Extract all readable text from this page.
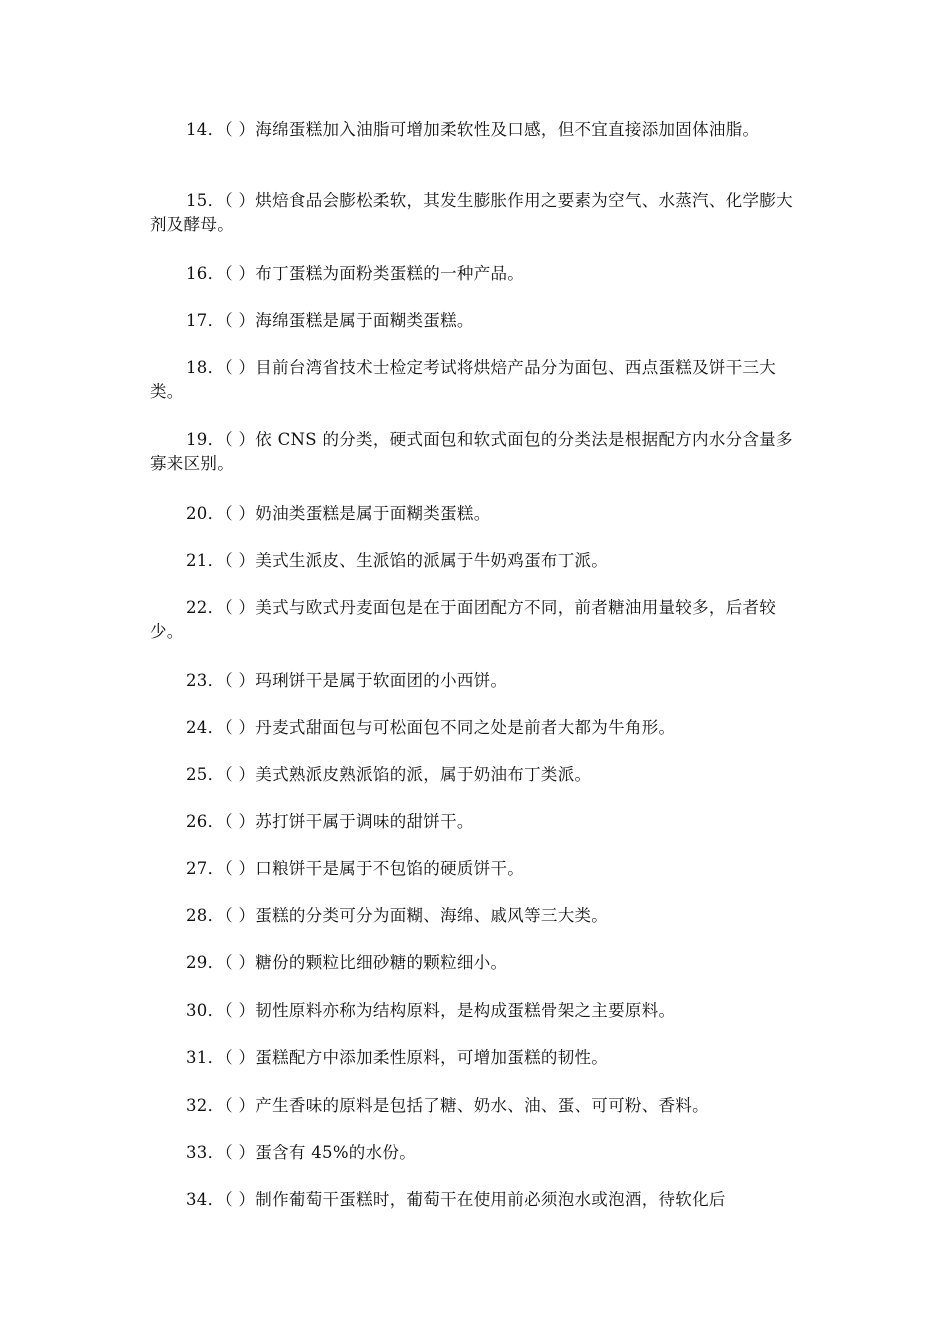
14．（ ）海绵蛋糕加入油脂可增加柔软性及口感，但不宜直接添加固体油脂。
15．（ ）烘焙食品会膨松柔软，其发生膨胀作用之要素为空气、水蒸汽、化学膨大剂及酵母。
16．（ ）布丁蛋糕为面粉类蛋糕的一种产品。
17．（ ）海绵蛋糕是属于面糊类蛋糕。
18．（ ）目前台湾省技术士检定考试将烘焙产品分为面包、西点蛋糕及饼干三大类。
19．（ ）依 CNS 的分类，硬式面包和软式面包的分类法是根据配方内水分含量多寡来区别。
20．（ ）奶油类蛋糕是属于面糊类蛋糕。
21．（ ）美式生派皮、生派馅的派属于牛奶鸡蛋布丁派。
22．（ ）美式与欧式丹麦面包是在于面团配方不同，前者糖油用量较多，后者较少。
23．（ ）玛琍饼干是属于软面团的小西饼。
24．（ ）丹麦式甜面包与可松面包不同之处是前者大都为牛角形。
25．（ ）美式熟派皮熟派馅的派，属于奶油布丁类派。
26．（ ）苏打饼干属于调味的甜饼干。
27．（ ）口粮饼干是属于不包馅的硬质饼干。
28．（ ）蛋糕的分类可分为面糊、海绵、戚风等三大类。
29．（ ）糖份的颗粒比细砂糖的颗粒细小。
30．（ ）韧性原料亦称为结构原料，是构成蛋糕骨架之主要原料。
31．（ ）蛋糕配方中添加柔性原料，可增加蛋糕的韧性。
32．（ ）产生香味的原料是包括了糖、奶水、油、蛋、可可粉、香料。
33．（ ）蛋含有 45%的水份。
34．（ ）制作葡萄干蛋糕时，葡萄干在使用前必须泡水或泡酒，待软化后
